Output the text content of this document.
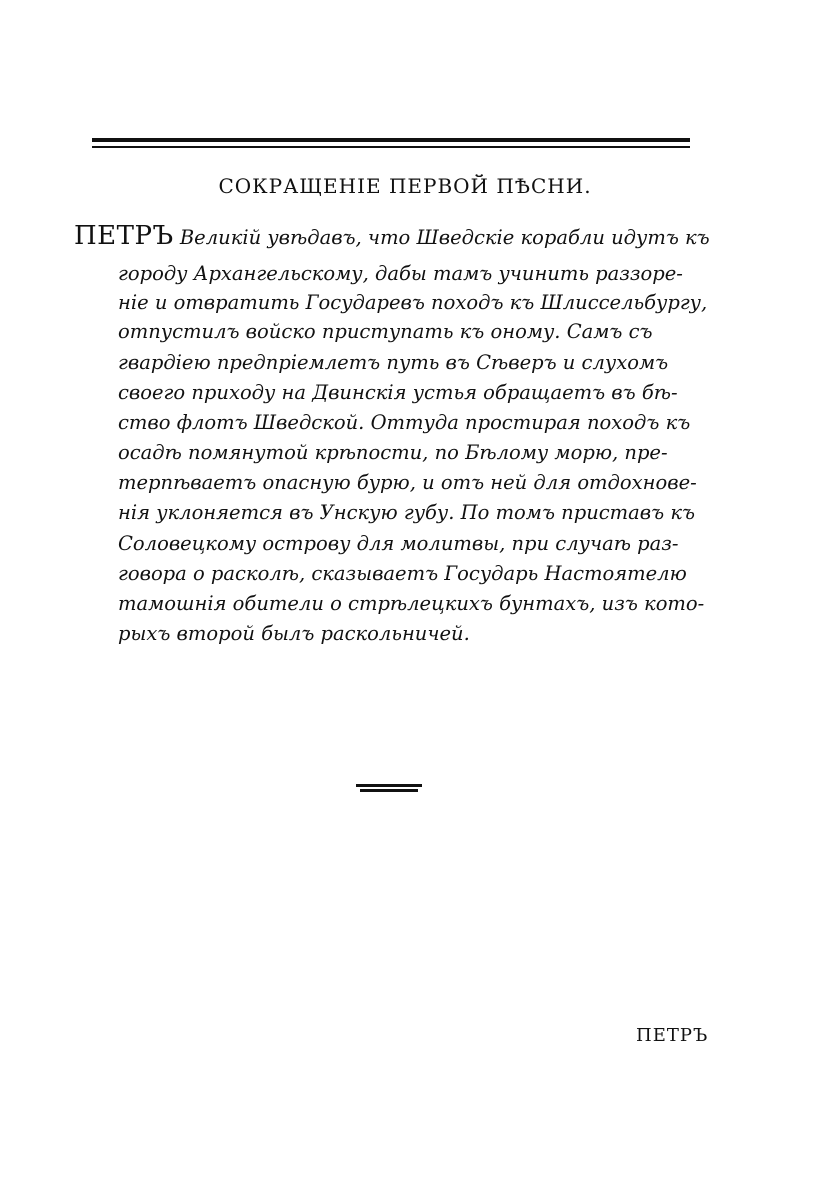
СОКРАЩЕНІЕ ПЕРВОЙ ПѢСНИ.
ПЕТРЪ Великій увѣдавъ, что Шведскіе корабли идутъ къ
городу Архангельскому, дабы тамъ учинить раззоре-
ніе и отвратить Государевъ походъ къ Шлиссельбургу,
отпустилъ войско приступать къ оному. Самъ съ
гвардіею предпріемлетъ путь въ Сѣверъ и слухомъ
своего приходу на Двинскія устья обращаетъ въ бѣ-
ство флотъ Шведской. Оттуда простирая походъ къ
осадѣ помянутой крѣпости, по Бѣлому морю, пре-
терпѣваетъ опасную бурю, и отъ ней для отдохнове-
нія уклоняется въ Унскую губу. По томъ приставъ къ
Соловецкому острову для молитвы, при случаѣ раз-
говора о расколѣ, сказываетъ Государь Настоятелю
тамошнія обители о стрѣлецкихъ бунтахъ, изъ кото-
рыхъ второй былъ раскольничей.
ПЕТРЪ
